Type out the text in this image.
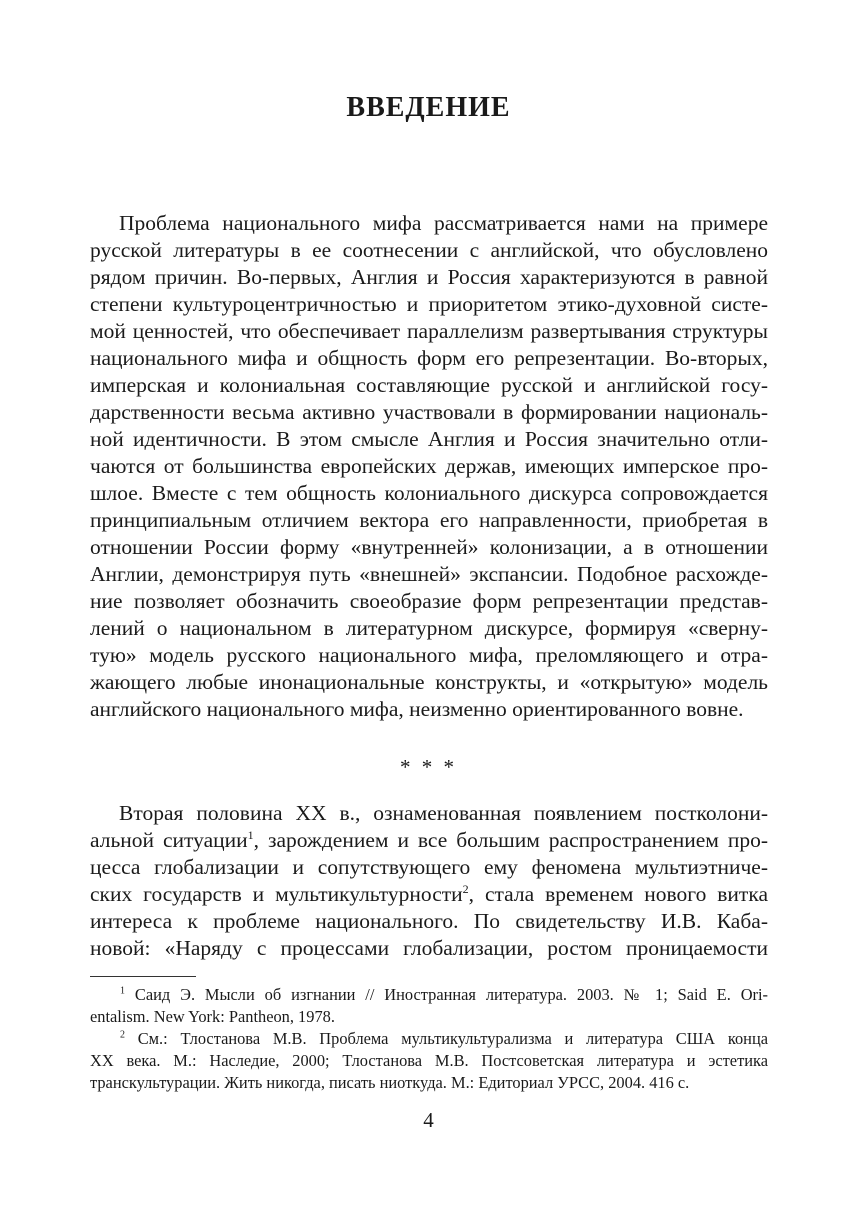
ВВЕДЕНИЕ
Проблема национального мифа рассматривается нами на примере
русской литературы в ее соотнесении с английской, что обусловлено
рядом причин. Во-первых, Англия и Россия характеризуются в равной
степени культуроцентричностью и приоритетом этико-духовной систе-
мой ценностей, что обеспечивает параллелизм развертывания структуры
национального мифа и общность форм его репрезентации. Во-вторых,
имперская и колониальная составляющие русской и английской госу-
дарственности весьма активно участвовали в формировании националь-
ной идентичности. В этом смысле Англия и Россия значительно отли-
чаются от большинства европейских держав, имеющих имперское про-
шлое. Вместе с тем общность колониального дискурса сопровождается
принципиальным отличием вектора его направленности, приобретая в
отношении России форму «внутренней» колонизации, а в отношении
Англии, демонстрируя путь «внешней» экспансии. Подобное расхожде-
ние позволяет обозначить своеобразие форм репрезентации представ-
лений о национальном в литературном дискурсе, формируя «сверну-
тую» модель русского национального мифа, преломляющего и отра-
жающего любые инонациональные конструкты, и «открытую» модель
английского национального мифа, неизменно ориентированного вовне.
* * *
Вторая половина XX в., ознаменованная появлением постколони-
альной ситуации$^1$, зарождением и все большим распространением про-
цесса глобализации и сопутствующего ему феномена мультиэтниче-
ских государств и мультикультурности$^2$, стала временем нового витка
интереса к проблеме национального. По свидетельству И.В. Каба-
новой: «Наряду с процессами глобализации, ростом проницаемости
$^1$ Саид Э. Мысли об изгнании // Иностранная литература. 2003. № 1; Said E. Ori-
entalism. New York: Pantheon, 1978.
$^2$ См.: Тлостанова М.В. Проблема мультикультурализма и литература США конца
XX века. М.: Наследие, 2000; Тлостанова М.В. Постсоветская литература и эстетика
транскультурации. Жить никогда, писать ниоткуда. М.: Едиториал УРСС, 2004. 416 с.
4
